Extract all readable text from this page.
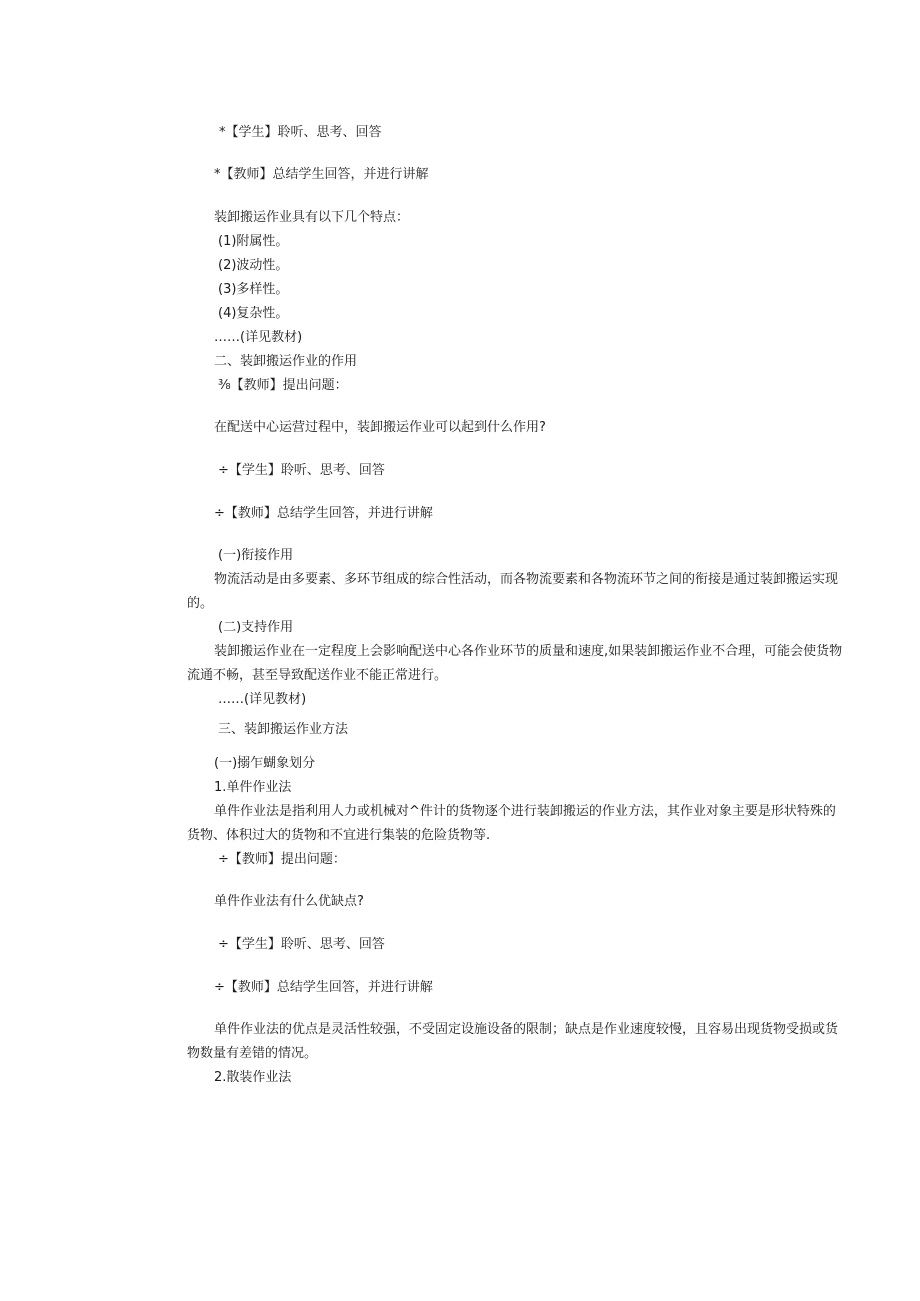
*【学生】聆听、思考、回答
*【教师】总结学生回答，并进行讲解
装卸搬运作业具有以下几个特点：
(1)附属性。
(2)波动性。
(3)多样性。
(4)复杂性。
……(详见教材)
二、装卸搬运作业的作用
⅜【教师】提出问题：
在配送中心运营过程中，装卸搬运作业可以起到什么作用?
÷【学生】聆听、思考、回答
÷【教师】总结学生回答，并进行讲解
(一)衔接作用
物流活动是由多要素、多环节组成的综合性活动，而各物流要素和各物流环节之间的衔接是通过装卸搬运实现
的。
(二)支持作用
装卸搬运作业在一定程度上会影响配送中心各作业环节的质量和速度,如果装卸搬运作业不合理，可能会使货物
流通不畅，甚至导致配送作业不能正常进行。
……(详见教材)
三、装卸搬运作业方法
(一)搦乍蝴象划分
1.单件作业法
单件作业法是指利用人力或机械对^件计的货物逐个进行装卸搬运的作业方法，其作业对象主要是形状特殊的
货物、体积过大的货物和不宜进行集装的危险货物等.
÷【教师】提出问题：
单件作业法有什么优缺点?
÷【学生】聆听、思考、回答
÷【教师】总结学生回答，并进行讲解
单件作业法的优点是灵活性较强，不受固定设施设备的限制；缺点是作业速度较慢，且容易出现货物受损或货
物数量有差错的情况。
2.散装作业法
